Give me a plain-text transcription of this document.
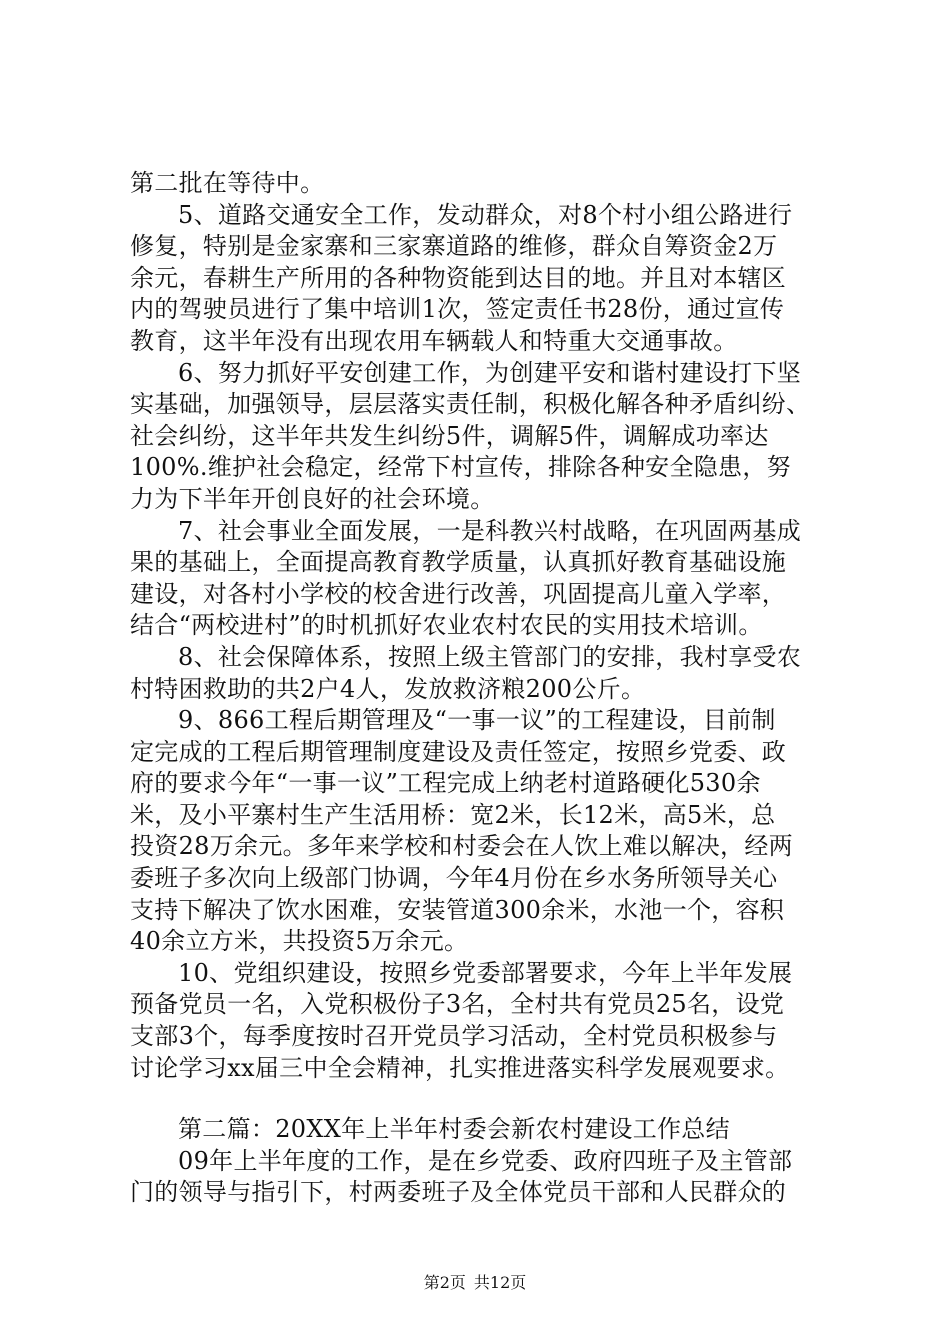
第二批在等待中。
5、道路交通安全工作，发动群众，对8个村小组公路进行
修复，特别是金家寨和三家寨道路的维修，群众自筹资金2万
余元，春耕生产所用的各种物资能到达目的地。并且对本辖区
内的驾驶员进行了集中培训1次，签定责任书28份，通过宣传
教育，这半年没有出现农用车辆载人和特重大交通事故。
6、努力抓好平安创建工作，为创建平安和谐村建设打下坚
实基础，加强领导，层层落实责任制，积极化解各种矛盾纠纷、
社会纠纷，这半年共发生纠纷5件，调解5件，调解成功率达
100%.维护社会稳定，经常下村宣传，排除各种安全隐患，努
力为下半年开创良好的社会环境。
7、社会事业全面发展，一是科教兴村战略，在巩固两基成
果的基础上，全面提高教育教学质量，认真抓好教育基础设施
建设，对各村小学校的校舍进行改善，巩固提高儿童入学率，
结合“两校进村”的时机抓好农业农村农民的实用技术培训。
8、社会保障体系，按照上级主管部门的安排，我村享受农
村特困救助的共2户4人，发放救济粮200公斤。
9、866工程后期管理及“一事一议”的工程建设，目前制
定完成的工程后期管理制度建设及责任签定，按照乡党委、政
府的要求今年“一事一议”工程完成上纳老村道路硬化530余
米，及小平寨村生产生活用桥：宽2米，长12米，高5米，总
投资28万余元。多年来学校和村委会在人饮上难以解决，经两
委班子多次向上级部门协调，今年4月份在乡水务所领导关心
支持下解决了饮水困难，安装管道300余米，水池一个，容积
40余立方米，共投资5万余元。
10、党组织建设，按照乡党委部署要求，今年上半年发展
预备党员一名，入党积极份子3名，全村共有党员25名，设党
支部3个，每季度按时召开党员学习活动，全村党员积极参与
讨论学习xx届三中全会精神，扎实推进落实科学发展观要求。
第二篇：20XX年上半年村委会新农村建设工作总结
09年上半年度的工作，是在乡党委、政府四班子及主管部
门的领导与指引下，村两委班子及全体党员干部和人民群众的
第2页 共12页
